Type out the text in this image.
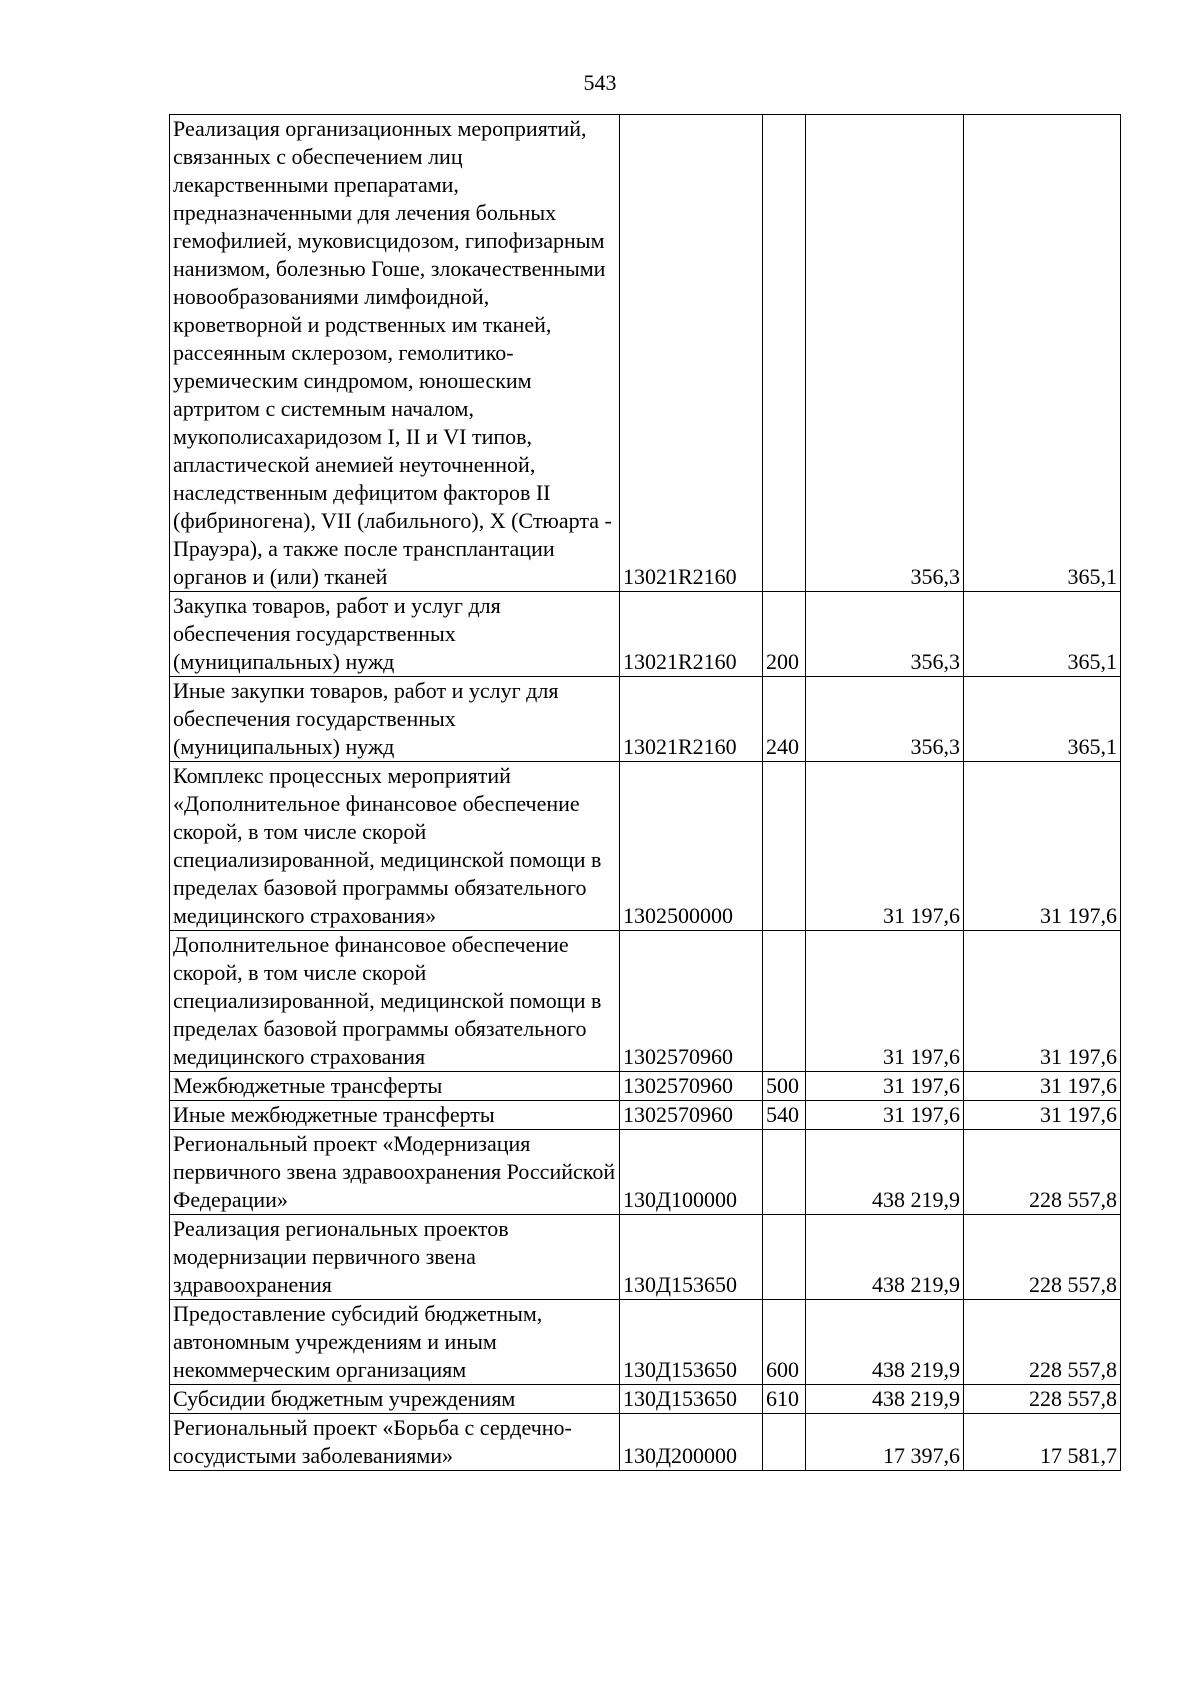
543
Реализация организационных мероприятий, связанных с обеспечением лиц лекарственными препаратами, предназначенными для лечения больных гемофилией, муковисцидозом, гипофизарным нанизмом, болезнью Гоше, злокачественными новообразованиями лимфоидной, кроветворной и родственных им тканей, рассеянным склерозом, гемолитико-уремическим синдромом, юношеским артритом с системным началом, мукополисахаридозом I, II и VI типов, апластической анемией неуточненной, наследственным дефицитом факторов II (фибриногена), VII (лабильного), X (Стюарта - Прауэра), а также после трансплантации органов и (или) тканей	13021R2160		356,3	365,1
Закупка товаров, работ и услуг для обеспечения государственных (муниципальных) нужд	13021R2160	200	356,3	365,1
Иные закупки товаров, работ и услуг для обеспечения государственных (муниципальных) нужд	13021R2160	240	356,3	365,1
Комплекс процессных мероприятий «Дополнительное финансовое обеспечение скорой, в том числе скорой специализированной, медицинской помощи в пределах базовой программы обязательного медицинского страхования»	1302500000		31 197,6	31 197,6
Дополнительное финансовое обеспечение скорой, в том числе скорой специализированной, медицинской помощи в пределах базовой программы обязательного медицинского страхования	1302570960		31 197,6	31 197,6
Межбюджетные трансферты	1302570960	500	31 197,6	31 197,6
Иные межбюджетные трансферты	1302570960	540	31 197,6	31 197,6
Региональный проект «Модернизация первичного звена здравоохранения Российской Федерации»	130Д100000		438 219,9	228 557,8
Реализация региональных проектов модернизации первичного звена здравоохранения	130Д153650		438 219,9	228 557,8
Предоставление субсидий бюджетным, автономным учреждениям и иным некоммерческим организациям	130Д153650	600	438 219,9	228 557,8
Субсидии бюджетным учреждениям	130Д153650	610	438 219,9	228 557,8
Региональный проект «Борьба с сердечно-сосудистыми заболеваниями»	130Д200000		17 397,6	17 581,7
